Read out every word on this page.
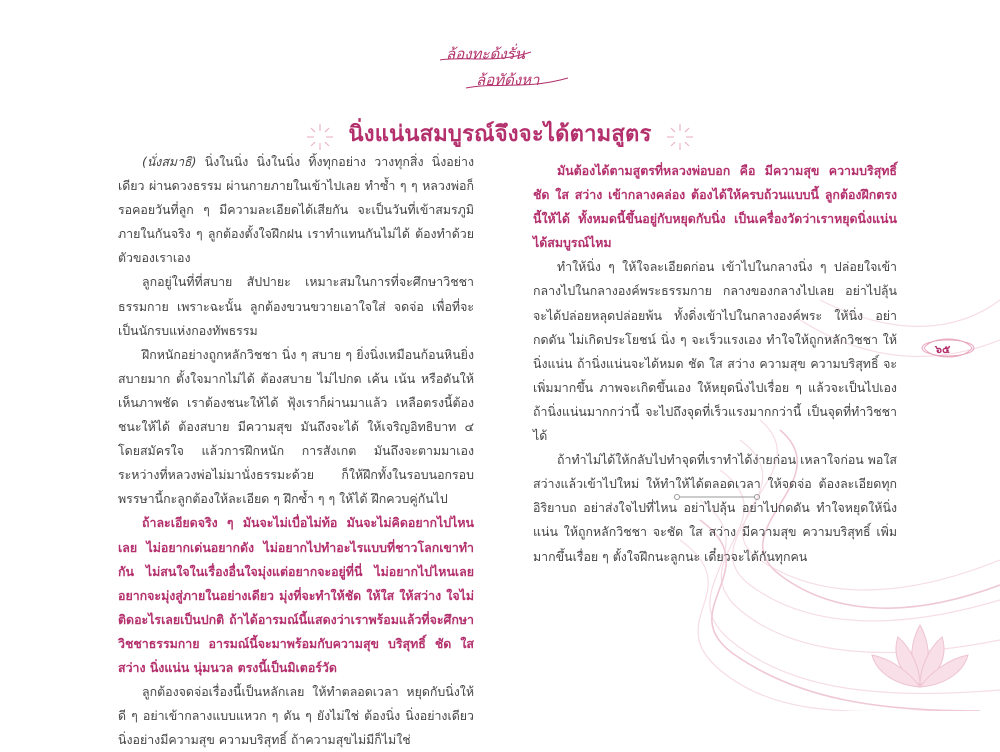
ล้องทะด้งรั่น
ล้อทัด้งหา
นิ่งแน่นสมบูรณ์จึงจะได้ตามสูตร

(นั่งสมาธิ) นิ่งในนิ่ง นิ่งในนิ่ง ทิ้งทุกอย่าง วางทุกสิ่ง นิ่งอย่างเดียว ผ่านดวงธรรม ผ่านกายภายในเข้าไปเลย ทำซ้ำ ๆ ๆ หลวงพ่อก็รอคอยวันที่ลูก ๆ มีความละเอียดได้เสียกัน จะเป็นวันที่เข้าสมรภูมิภายในกันจริง ๆ ลูกต้องตั้งใจฝึกฝน เราทำแทนกันไม่ได้ ต้องทำด้วยตัวของเราเอง

ลูกอยู่ในที่ที่สบาย สัปปายะ เหมาะสมในการที่จะศึกษาวิชชาธรรมกาย เพราะฉะนั้น ลูกต้องขวนขวายเอาใจใส่ จดจ่อ เพื่อที่จะเป็นนักรบแห่งกองทัพธรรม

ฝึกหนักอย่างถูกหลักวิชชา นิ่ง ๆ สบาย ๆ ยิ่งนิ่งเหมือนก้อนหินยิ่งสบายมาก ตั้งใจมากไม่ได้ ต้องสบาย ไม่ไปกด เค้น เน้น หรือดันให้เห็นภาพชัด เราต้องชนะให้ได้ ฟุ้งเราก็ผ่านมาแล้ว เหลือตรงนี้ต้องชนะให้ได้ ต้องสบาย มีความสุข มันถึงจะได้ ให้เจริญอิทธิบาท ๔ โดยสมัครใจ แล้วการฝึกหนัก การสังเกต มันถึงจะตามมาเอง ระหว่างที่หลวงพ่อไม่มานั่งธรรมะด้วย ก็ให้ฝึกทั้งในรอบนอกรอบ พรรษานี้กะลูกต้องให้ละเอียด ๆ ฝึกซ้ำ ๆ ๆ ให้ได้ ฝึกควบคู่กันไป

ถ้าละเอียดจริง ๆ มันจะไม่เบื่อไม่ท้อ มันจะไม่คิดอยากไปไหนเลย ไม่อยากเด่นอยากดัง ไม่อยากไปทำอะไรแบบที่ชาวโลกเขาทำกัน ไม่สนใจในเรื่องอื่นใจมุ่งแต่อยากจะอยู่ที่นี่ ไม่อยากไปไหนเลย อยากจะมุ่งสู่ภายในอย่างเดียว มุ่งที่จะทำให้ชัด ให้ใส ให้สว่าง ใจไม่ติดอะไรเลยเป็นปกติ ถ้าได้อารมณ์นี้แสดงว่าเราพร้อมแล้วที่จะศึกษาวิชชาธรรมกาย อารมณ์นี้จะมาพร้อมกับความสุข บริสุทธิ์ ชัด ใส สว่าง นิ่งแน่น นุ่มนวล ตรงนี้เป็นมิเตอร์วัด

ลูกต้องจดจ่อเรื่องนี้เป็นหลักเลย ให้ทำตลอดเวลา หยุดกับนิ่งให้ดี ๆ อย่าเข้ากลางแบบแหวก ๆ ดัน ๆ ยังไม่ใช่ ต้องนิ่ง นิ่งอย่างเดียว นิ่งอย่างมีความสุข ความบริสุทธิ์ ถ้าความสุขไม่มีก็ไม่ใช่

มันต้องได้ตามสูตรที่หลวงพ่อบอก คือ มีความสุข ความบริสุทธิ์ ชัด ใส สว่าง เข้ากลางคล่อง ต้องได้ให้ครบถ้วนแบบนี้ ลูกต้องฝึกตรงนี้ให้ได้ ทั้งหมดนี้ขึ้นอยู่กับหยุดกับนิ่ง เป็นเครื่องวัดว่าเราหยุดนิ่งแน่นได้สมบูรณ์ไหม

ทำให้นิ่ง ๆ ให้ใจละเอียดก่อน เข้าไปในกลางนิ่ง ๆ ปล่อยใจเข้ากลางไปในกลางองค์พระธรรมกาย กลางของกลางไปเลย อย่าไปลุ้น จะได้ปล่อยหลุดปล่อยพ้น ทั้งดิ่งเข้าไปในกลางองค์พระ ให้นิ่ง อย่ากดดัน ไม่เกิดประโยชน์ นิ่ง ๆ จะเร็วแรงเอง ทำใจให้ถูกหลักวิชชา ให้นิ่งแน่น ถ้านิ่งแน่นจะได้หมด ชัด ใส สว่าง ความสุข ความบริสุทธิ์ จะเพิ่มมากขึ้น ภาพจะเกิดขึ้นเอง ให้หยุดนิ่งไปเรื่อย ๆ แล้วจะเป็นไปเอง ถ้านิ่งแน่นมากกว่านี้ จะไปถึงจุดที่เร็วแรงมากกว่านี้ เป็นจุดที่ทำวิชชาได้

ถ้าทำไม่ได้ให้กลับไปทำจุดที่เราทำได้ง่ายก่อน เหลาใจก่อน พอใส สว่างแล้วเข้าไปใหม่ ให้ทำให้ได้ตลอดเวลา ให้จดจ่อ ต้องละเอียดทุกอิริยาบถ อย่าส่งใจไปที่ไหน อย่าไปลุ้น อย่าไปกดดัน ทำใจหยุดให้นิ่งแน่น ให้ถูกหลักวิชชา จะชัด ใส สว่าง มีความสุข ความบริสุทธิ์ เพิ่มมากขึ้นเรื่อย ๆ ตั้งใจฝึกนะลูกนะ เดี๋ยวจะได้กันทุกคน

๖๕
